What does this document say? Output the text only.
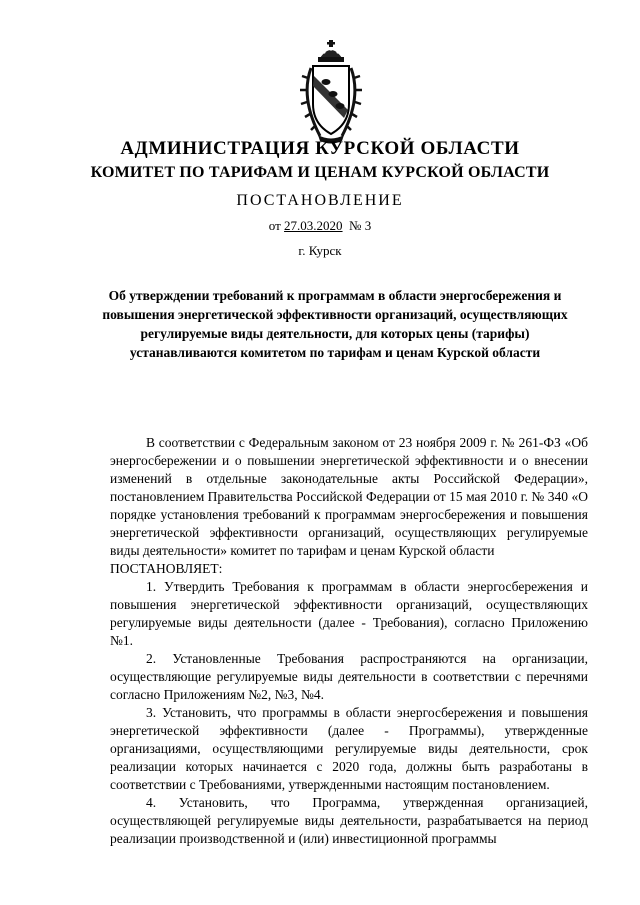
АДМИНИСТРАЦИЯ КУРСКОЙ ОБЛАСТИ
КОМИТЕТ ПО ТАРИФАМ И ЦЕНАМ КУРСКОЙ ОБЛАСТИ
ПОСТАНОВЛЕНИЕ
от 27.03.2020 № 3
г. Курск
Об утверждении требований к программам в области энергосбережения и повышения энергетической эффективности организаций, осуществляющих регулируемые виды деятельности, для которых цены (тарифы) устанавливаются комитетом по тарифам и ценам Курской области

В соответствии с Федеральным законом от 23 ноября 2009 г. № 261-ФЗ «Об энергосбережении и о повышении энергетической эффективности и о внесении изменений в отдельные законодательные акты Российской Федерации», постановлением Правительства Российской Федерации от 15 мая 2010 г. № 340 «О порядке установления требований к программам энергосбережения и повышения энергетической эффективности организаций, осуществляющих регулируемые виды деятельности» комитет по тарифам и ценам Курской области

ПОСТАНОВЛЯЕТ:

1. Утвердить Требования к программам в области энергосбережения и повышения энергетической эффективности организаций, осуществляющих регулируемые виды деятельности (далее - Требования), согласно Приложению №1.

2. Установленные Требования распространяются на организации, осуществляющие регулируемые виды деятельности в соответствии с перечнями согласно Приложениям №2, №3, №4.

3. Установить, что программы в области энергосбережения и повышения энергетической эффективности (далее - Программы), утвержденные организациями, осуществляющими регулируемые виды деятельности, срок реализации которых начинается с 2020 года, должны быть разработаны в соответствии с Требованиями, утвержденными настоящим постановлением.

4. Установить, что Программа, утвержденная организацией, осуществляющей регулируемые виды деятельности, разрабатывается на период реализации производственной и (или) инвестиционной программы
